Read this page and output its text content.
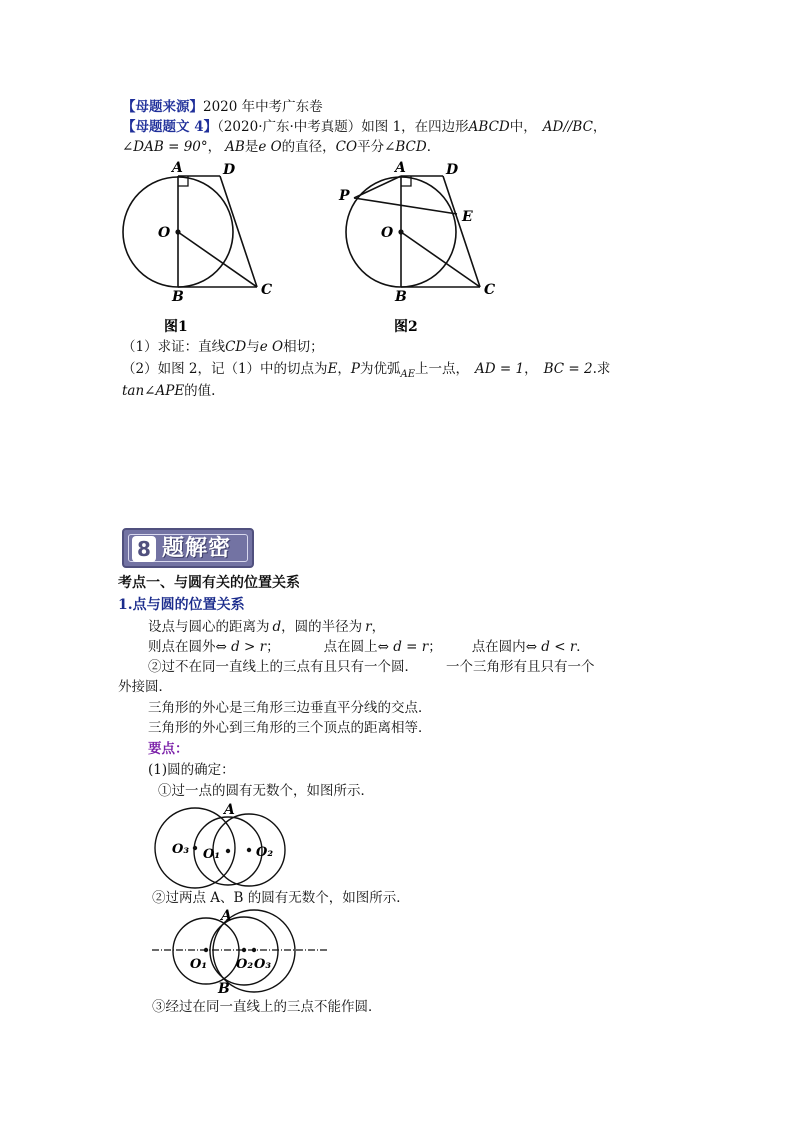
【母题来源】2020 年中考广东卷
【母题题文 4】（2020·广东·中考真题）如图 1，在四边形ABCD中， AD//BC，
∠DAB = 90°， AB是e O的直径，CO平分∠BCD．
A	D
O
B	C
图1
A	D
P
E
O
B	C
图2
（1）求证：直线CD与e O相切；
（2）如图 2，记（1）中的切点为E，P为优弧$_{AE}$上一点， AD = 1， BC = 2.求
tan∠APE的值.
8 题解密
考点一、与圆有关的位置关系
1.点与圆的位置关系
设点与圆心的距离为 d，圆的半径为 r，
则点在圆外⇔ d > r；	点在圆上⇔ d = r； 点在圆内⇔ d < r．
②过不在同一直线上的三点有且只有一个圆． 一个三角形有且只有一个
外接圆．
三角形的外心是三角形三边垂直平分线的交点．
三角形的外心到三角形的三个顶点的距离相等．
要点：
(1)圆的确定：
①过一点的圆有无数个，如图所示．
A
O₃ O₁	O₂
②过两点 A、B 的圆有无数个，如图所示．
A
B
O₁ O₂ O₃
③经过在同一直线上的三点不能作圆．
